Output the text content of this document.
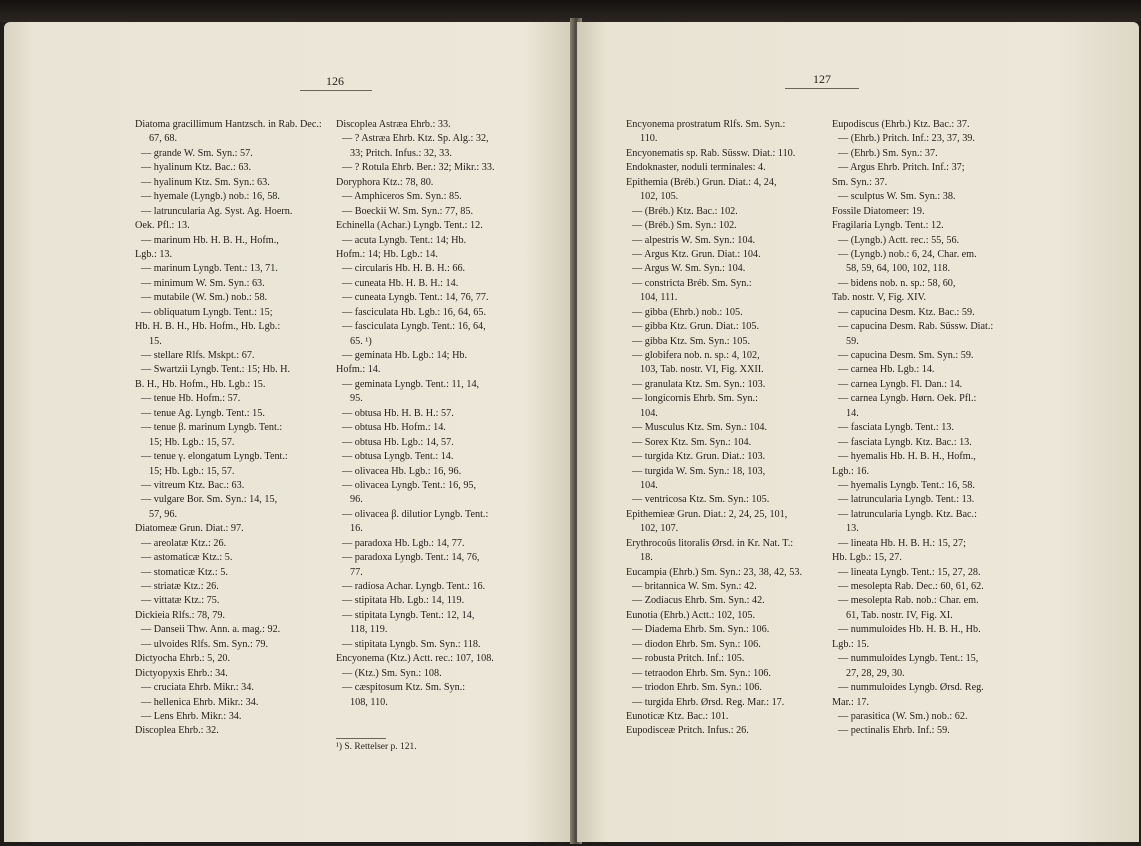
126
Diatoma gracillimum Hantzsch. in Rab. Dec.:
67, 68.
— grande W. Sm. Syn.: 57.
— hyalinum Ktz. Bac.: 63.
— hyalinum Ktz. Sm. Syn.: 63.
— hyemale (Lyngb.) nob.: 16, 58.
— latruncularia Ag. Syst. Ag. Hoern.
Oek. Pfl.: 13.
— marinum Hb. H. B. H., Hofm.,
Lgb.: 13.
— marinum Lyngb. Tent.: 13, 71.
— minimum W. Sm. Syn.: 63.
— mutabile (W. Sm.) nob.: 58.
— obliquatum Lyngb. Tent.: 15;
Hb. H. B. H., Hb. Hofm., Hb. Lgb.:
15.
— stellare Rlfs. Mskpt.: 67.
— Swartzii Lyngb. Tent.: 15; Hb. H.
B. H., Hb. Hofm., Hb. Lgb.: 15.
— tenue Hb. Hofm.: 57.
— tenue Ag. Lyngb. Tent.: 15.
— tenue β. marinum Lyngb. Tent.:
15; Hb. Lgb.: 15, 57.
— tenue γ. elongatum Lyngb. Tent.:
15; Hb. Lgb.: 15, 57.
— vitreum Ktz. Bac.: 63.
— vulgare Bor. Sm. Syn.: 14, 15,
57, 96.
Diatomeæ Grun. Diat.: 97.
— areolatæ Ktz.: 26.
— astomaticæ Ktz.: 5.
— stomaticæ Ktz.: 5.
— striatæ Ktz.: 26.
— vittatæ Ktz.: 75.
Dickieia Rlfs.: 78, 79.
— Danseii Thw. Ann. a. mag.: 92.
— ulvoides Rlfs. Sm. Syn.: 79.
Dictyocha Ehrb.: 5, 20.
Dictyopyxis Ehrb.: 34.
— cruciata Ehrb. Mikr.: 34.
— hellenica Ehrb. Mikr.: 34.
— Lens Ehrb. Mikr.: 34.
Discoplea Ehrb.: 32.
Discoplea Astræa Ehrb.: 33.
— ? Astræa Ehrb. Ktz. Sp. Alg.: 32,
33; Pritch. Infus.: 32, 33.
— ? Rotula Ehrb. Ber.: 32; Mikr.: 33.
Doryphora Ktz.: 78, 80.
— Amphiceros Sm. Syn.: 85.
— Boeckii W. Sm. Syn.: 77, 85.
Echinella (Achar.) Lyngb. Tent.: 12.
— acuta Lyngb. Tent.: 14; Hb.
Hofm.: 14; Hb. Lgb.: 14.
— circularis Hb. H. B. H.: 66.
— cuneata Hb. H. B. H.: 14.
— cuneata Lyngb. Tent.: 14, 76, 77.
— fasciculata Hb. Lgb.: 16, 64, 65.
— fasciculata Lyngb. Tent.: 16, 64,
65. ¹)
— geminata Hb. Lgb.: 14; Hb.
Hofm.: 14.
— geminata Lyngb. Tent.: 11, 14,
95.
— obtusa Hb. H. B. H.: 57.
— obtusa Hb. Hofm.: 14.
— obtusa Hb. Lgb.: 14, 57.
— obtusa Lyngb. Tent.: 14.
— olivacea Hb. Lgb.: 16, 96.
— olivacea Lyngb. Tent.: 16, 95,
96.
— olivacea β. dilutior Lyngb. Tent.:
16.
— paradoxa Hb. Lgb.: 14, 77.
— paradoxa Lyngb. Tent.: 14, 76,
77.
— radiosa Achar. Lyngb. Tent.: 16.
— stipitata Hb. Lgb.: 14, 119.
— stipitata Lyngb. Tent.: 12, 14,
118, 119.
— stipitata Lyngb. Sm. Syn.: 118.
Encyonema (Ktz.) Actt. rec.: 107, 108.
— (Ktz.) Sm. Syn.: 108.
— cæspitosum Ktz. Sm. Syn.:
108, 110.
¹) S. Rettelser p. 121.
127
Encyonema prostratum Rlfs. Sm. Syn.:
110.
Encyonematis sp. Rab. Süssw. Diat.: 110.
Endoknaster, noduli terminales: 4.
Epithemia (Bréb.) Grun. Diat.: 4, 24,
102, 105.
— (Bréb.) Ktz. Bac.: 102.
— (Bréb.) Sm. Syn.: 102.
— alpestris W. Sm. Syn.: 104.
— Argus Ktz. Grun. Diat.: 104.
— Argus W. Sm. Syn.: 104.
— constricta Bréb. Sm. Syn.:
104, 111.
— gibba (Ehrb.) nob.: 105.
— gibba Ktz. Grun. Diat.: 105.
— gibba Ktz. Sm. Syn.: 105.
— globifera nob. n. sp.: 4, 102,
103, Tab. nostr. VI, Fig. XXII.
— granulata Ktz. Sm. Syn.: 103.
— longicornis Ehrb. Sm. Syn.:
104.
— Musculus Ktz. Sm. Syn.: 104.
— Sorex Ktz. Sm. Syn.: 104.
— turgida Ktz. Grun. Diat.: 103.
— turgida W. Sm. Syn.: 18, 103,
104.
— ventricosa Ktz. Sm. Syn.: 105.
Epithemieæ Grun. Diat.: 2, 24, 25, 101,
102, 107.
Erythrocoûs litoralis Ørsd. in Kr. Nat. T.:
18.
Eucampia (Ehrb.) Sm. Syn.: 23, 38, 42, 53.
— britannica W. Sm. Syn.: 42.
— Zodiacus Ehrb. Sm. Syn.: 42.
Eunotia (Ehrb.) Actt.: 102, 105.
— Diadema Ehrb. Sm. Syn.: 106.
— diodon Ehrb. Sm. Syn.: 106.
— robusta Pritch. Inf.: 105.
— tetraodon Ehrb. Sm. Syn.: 106.
— triodon Ehrb. Sm. Syn.: 106.
— turgida Ehrb. Ørsd. Reg. Mar.: 17.
Eunoticæ Ktz. Bac.: 101.
Eupodisceæ Pritch. Infus.: 26.
Eupodiscus (Ehrb.) Ktz. Bac.: 37.
— (Ehrb.) Pritch. Inf.: 23, 37, 39.
— (Ehrb.) Sm. Syn.: 37.
— Argus Ehrb. Pritch. Inf.: 37;
Sm. Syn.: 37.
— sculptus W. Sm. Syn.: 38.
Fossile Diatomeer: 19.
Fragilaria Lyngb. Tent.: 12.
— (Lyngb.) Actt. rec.: 55, 56.
— (Lyngb.) nob.: 6, 24, Char. em.
58, 59, 64, 100, 102, 118.
— bidens nob. n. sp.: 58, 60,
Tab. nostr. V, Fig. XIV.
— capucina Desm. Ktz. Bac.: 59.
— capucina Desm. Rab. Süssw. Diat.:
59.
— capucina Desm. Sm. Syn.: 59.
— carnea Hb. Lgb.: 14.
— carnea Lyngb. Fl. Dan.: 14.
— carnea Lyngb. Hørn. Oek. Pfl.:
14.
— fasciata Lyngb. Tent.: 13.
— fasciata Lyngb. Ktz. Bac.: 13.
— hyemalis Hb. H. B. H., Hofm.,
Lgb.: 16.
— hyemalis Lyngb. Tent.: 16, 58.
— latruncularia Lyngb. Tent.: 13.
— latruncularia Lyngb. Ktz. Bac.:
13.
— lineata Hb. H. B. H.: 15, 27;
Hb. Lgb.: 15, 27.
— lineata Lyngb. Tent.: 15, 27, 28.
— mesolepta Rab. Dec.: 60, 61, 62.
— mesolepta Rab. nob.: Char. em.
61, Tab. nostr. IV, Fig. XI.
— nummuloides Hb. H. B. H., Hb.
Lgb.: 15.
— nummuloides Lyngb. Tent.: 15,
27, 28, 29, 30.
— nummuloides Lyngb. Ørsd. Reg.
Mar.: 17.
— parasitica (W. Sm.) nob.: 62.
— pectinalis Ehrb. Inf.: 59.
